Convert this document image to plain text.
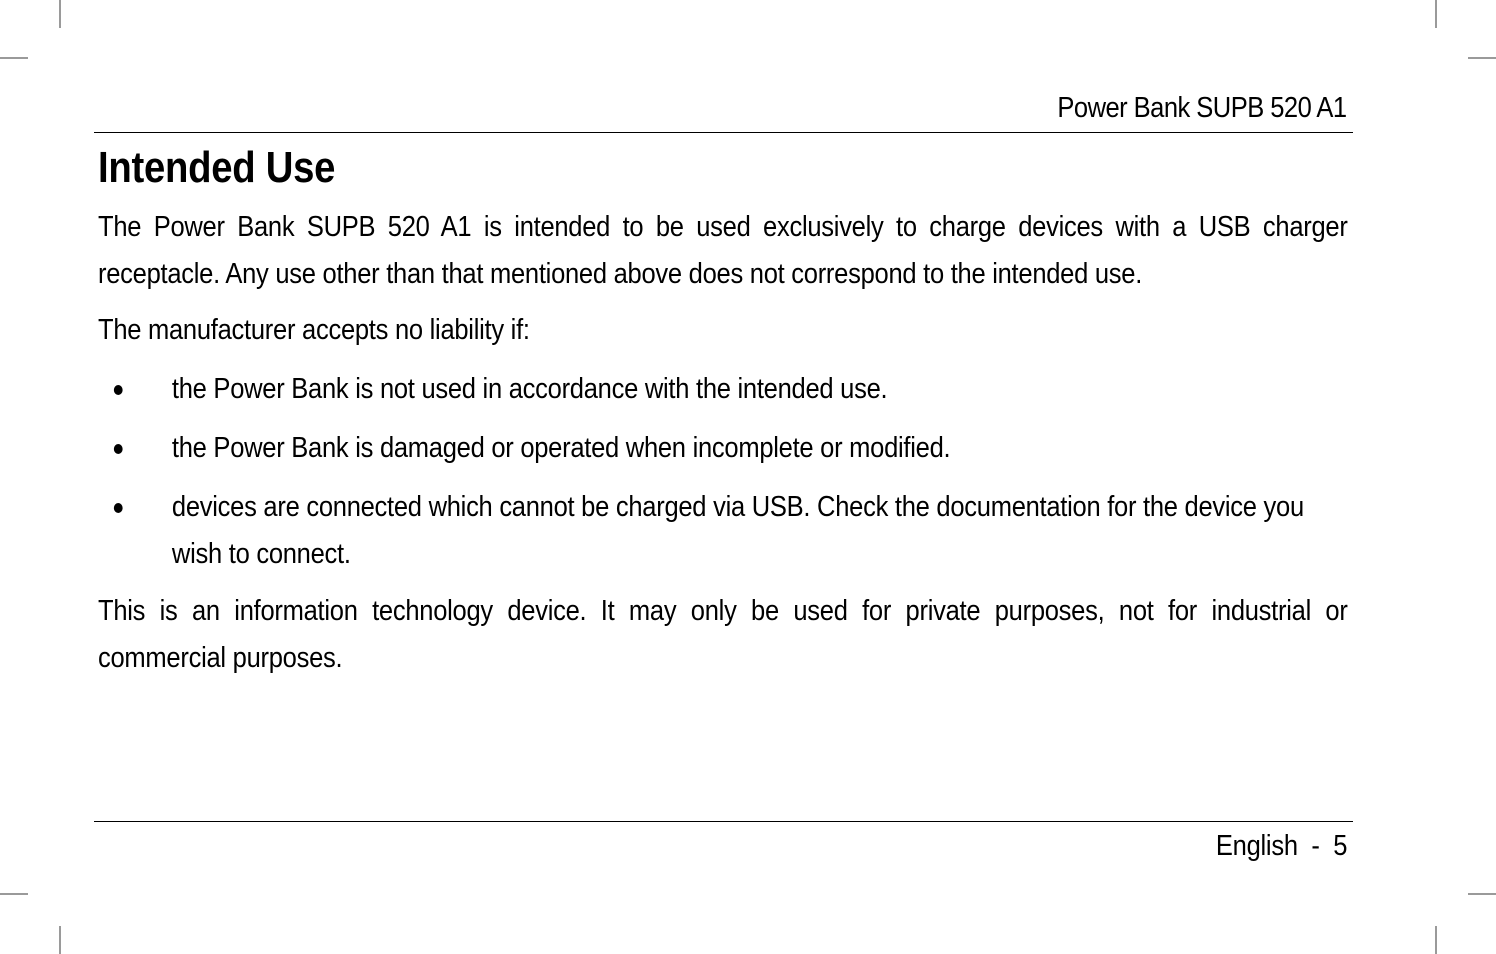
Power Bank SUPB 520 A1
Intended Use

The Power Bank SUPB 520 A1 is intended to be used exclusively to charge devices with a USB charger receptacle. Any use other than that mentioned above does not correspond to the intended use.

The manufacturer accepts no liability if:

the Power Bank is not used in accordance with the intended use.
the Power Bank is damaged or operated when incomplete or modified.
devices are connected which cannot be charged via USB. Check the documentation for the device you wish to connect.

This is an information technology device. It may only be used for private purposes, not for industrial or commercial purposes.

English - 5
